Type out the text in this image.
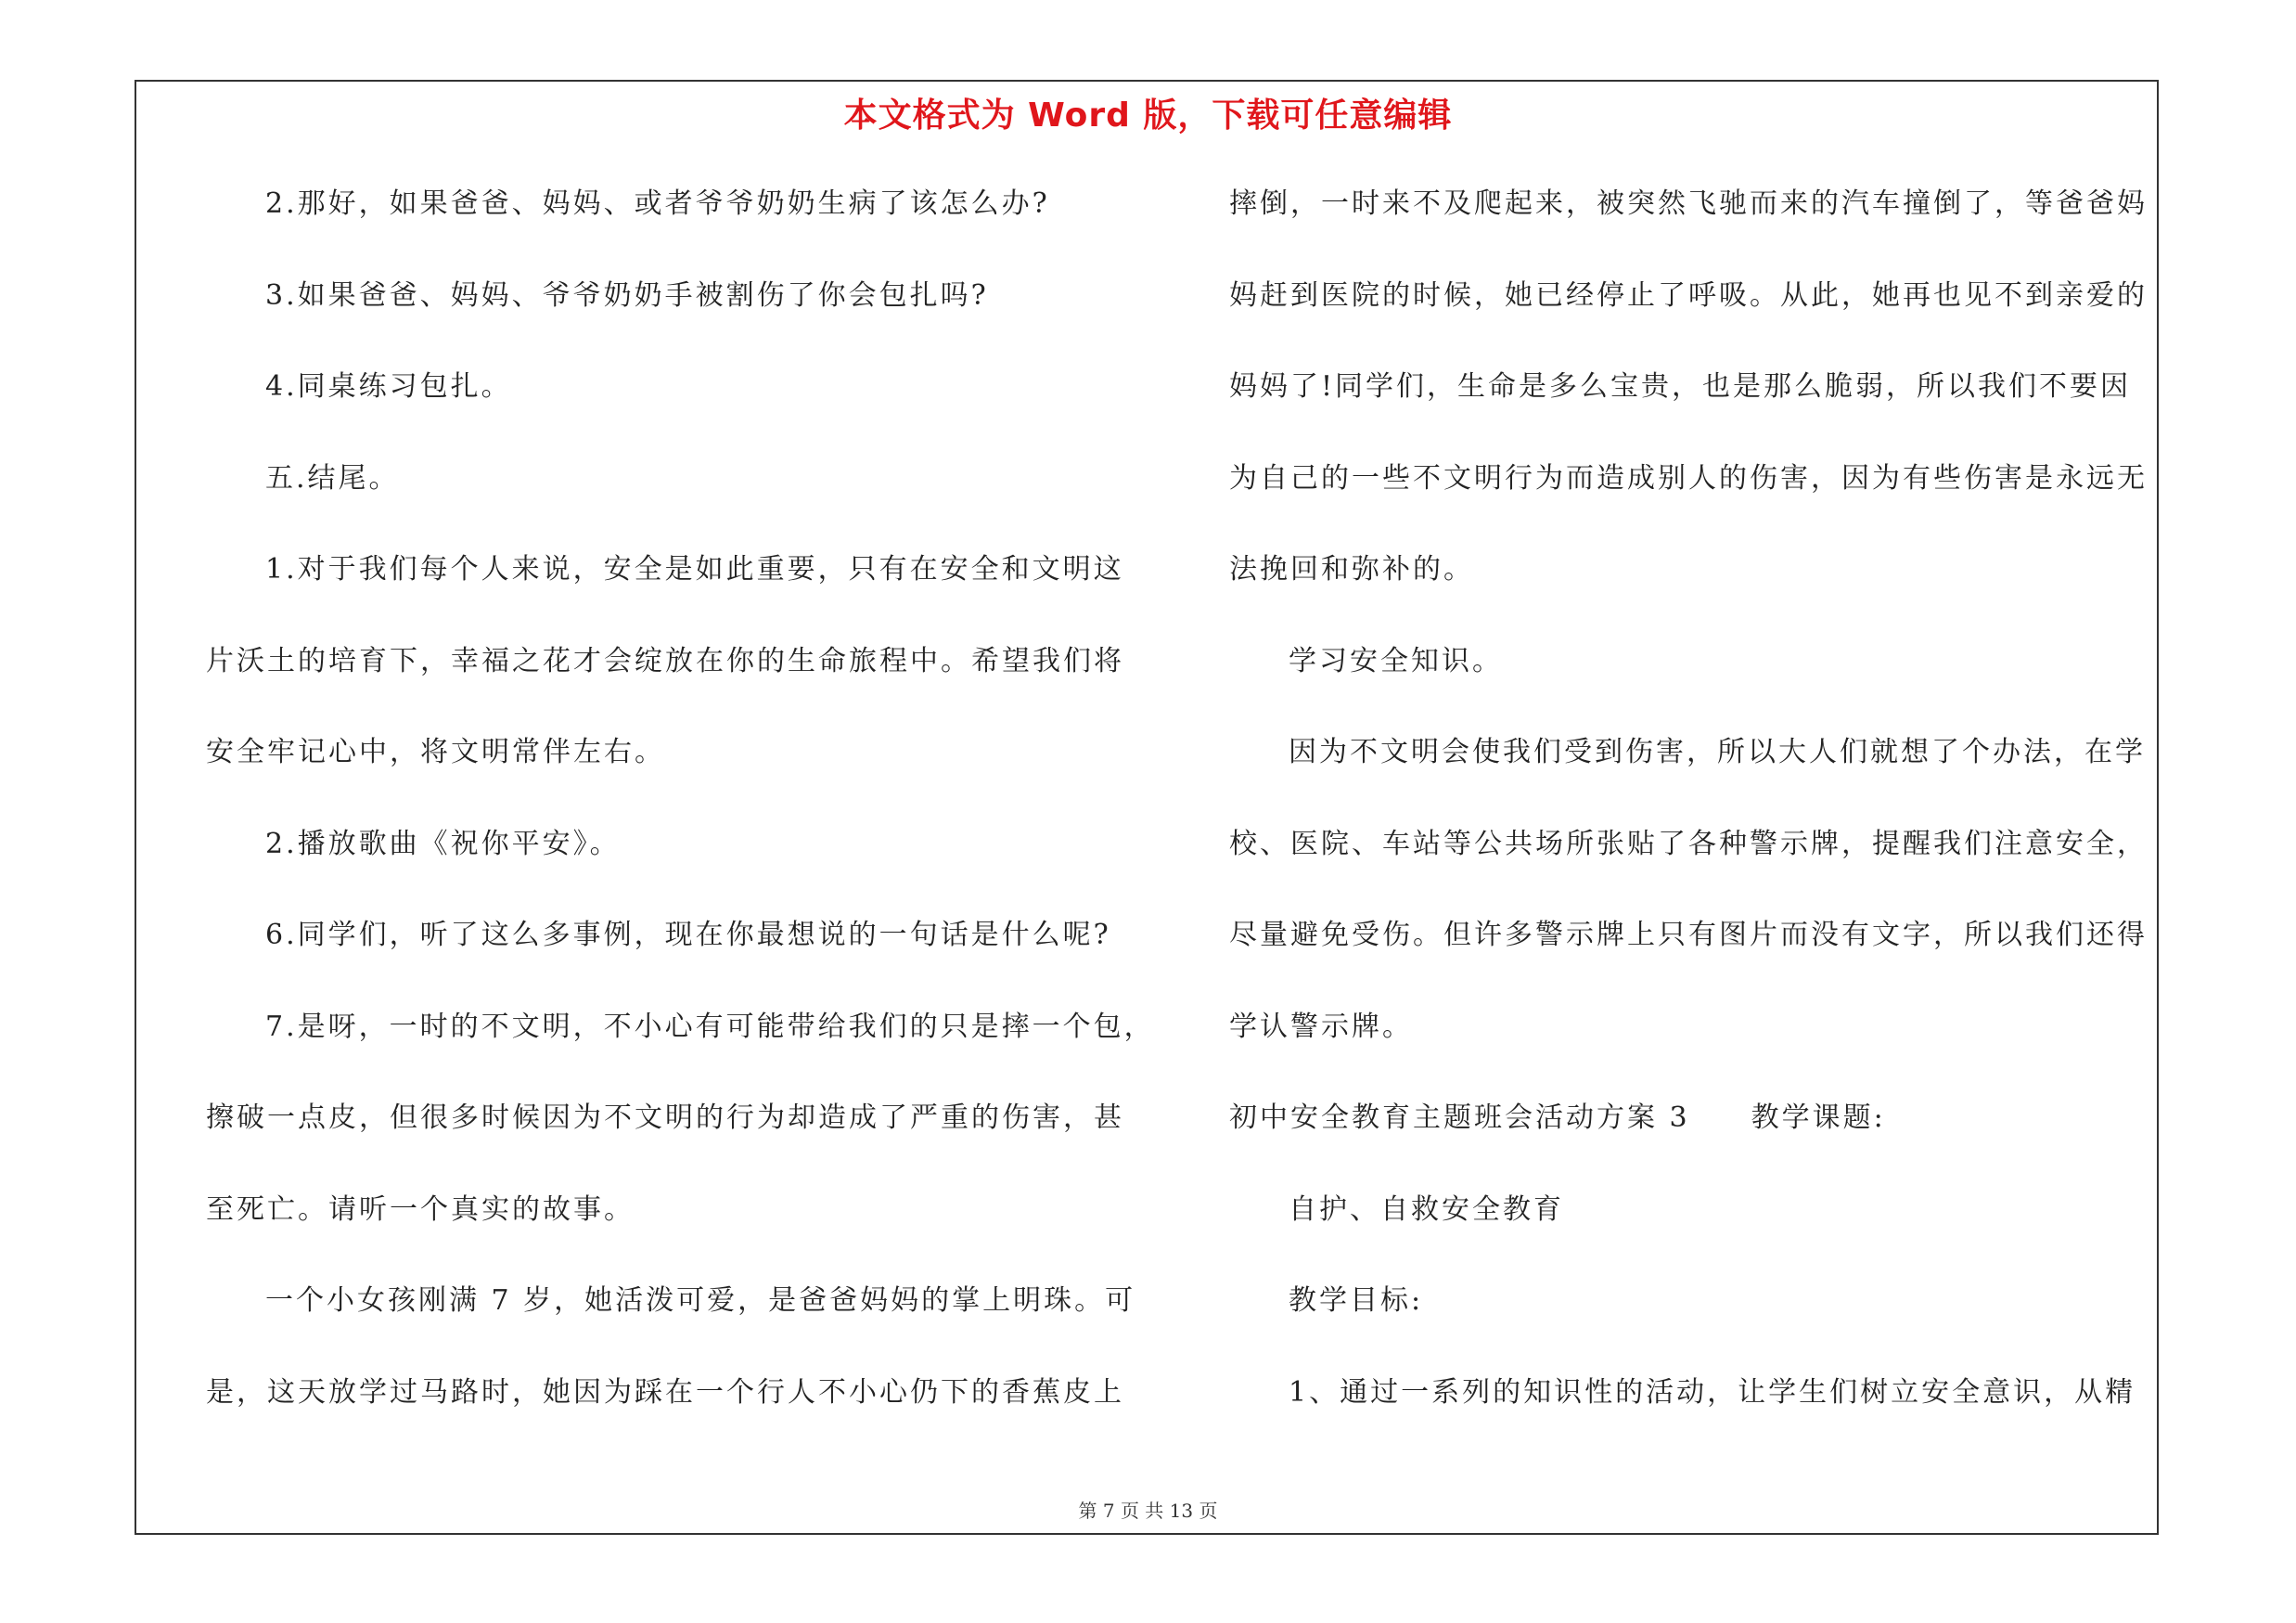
本文格式为 Word 版，下载可任意编辑
2.那好，如果爸爸、妈妈、或者爷爷奶奶生病了该怎么办?
3.如果爸爸、妈妈、爷爷奶奶手被割伤了你会包扎吗?
4.同桌练习包扎。
五.结尾。
1.对于我们每个人来说，安全是如此重要，只有在安全和文明这
片沃土的培育下，幸福之花才会绽放在你的生命旅程中。希望我们将
安全牢记心中，将文明常伴左右。
2.播放歌曲《祝你平安》。
6.同学们，听了这么多事例，现在你最想说的一句话是什么呢?
7.是呀，一时的不文明，不小心有可能带给我们的只是摔一个包，
擦破一点皮，但很多时候因为不文明的行为却造成了严重的伤害，甚
至死亡。请听一个真实的故事。
一个小女孩刚满 7 岁，她活泼可爱，是爸爸妈妈的掌上明珠。可
是，这天放学过马路时，她因为踩在一个行人不小心仍下的香蕉皮上
摔倒，一时来不及爬起来，被突然飞驰而来的汽车撞倒了，等爸爸妈
妈赶到医院的时候，她已经停止了呼吸。从此，她再也见不到亲爱的
妈妈了!同学们，生命是多么宝贵，也是那么脆弱，所以我们不要因
为自己的一些不文明行为而造成别人的伤害，因为有些伤害是永远无
法挽回和弥补的。
学习安全知识。
因为不文明会使我们受到伤害，所以大人们就想了个办法，在学
校、医院、车站等公共场所张贴了各种警示牌，提醒我们注意安全，
尽量避免受伤。但许多警示牌上只有图片而没有文字，所以我们还得
学认警示牌。
初中安全教育主题班会活动方案 3　　教学课题:
自护、自救安全教育
教学目标:
1、通过一系列的知识性的活动，让学生们树立安全意识，从精
第 7 页 共 13 页
